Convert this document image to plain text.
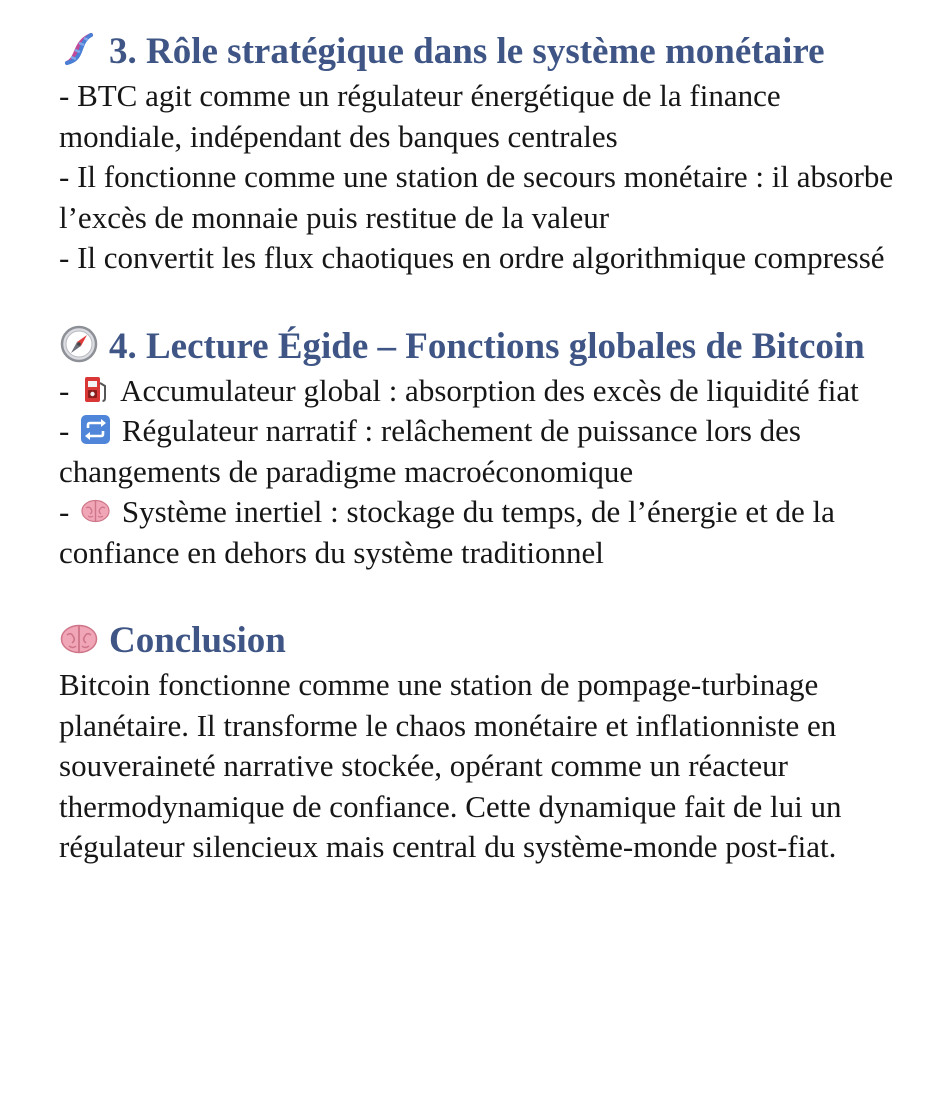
3. Rôle stratégique dans le système monétaire
- BTC agit comme un régulateur énergétique de la finance mondiale, indépendant des banques centrales
- Il fonctionne comme une station de secours monétaire : il absorbe l’excès de monnaie puis restitue de la valeur
- Il convertit les flux chaotiques en ordre algorithmique compressé
4. Lecture Égide – Fonctions globales de Bitcoin
- Accumulateur global : absorption des excès de liquidité fiat
- Régulateur narratif : relâchement de puissance lors des changements de paradigme macroéconomique
- Système inertiel : stockage du temps, de l’énergie et de la confiance en dehors du système traditionnel
Conclusion

Bitcoin fonctionne comme une station de pompage-turbinage planétaire. Il transforme le chaos monétaire et inflationniste en souveraineté narrative stockée, opérant comme un réacteur thermodynamique de confiance. Cette dynamique fait de lui un régulateur silencieux mais central du système-monde post-fiat.
